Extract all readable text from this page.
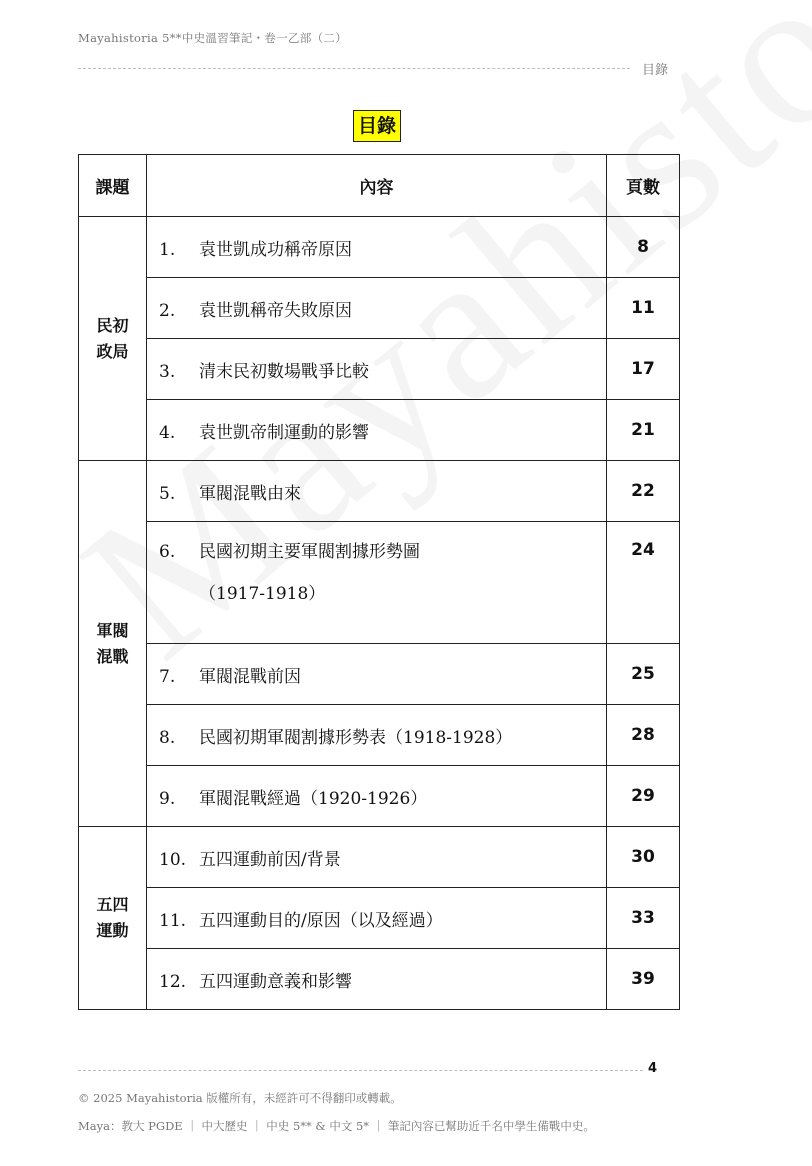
Mayahistoria 5**中史溫習筆記・卷一乙部（二）
目錄
目錄
課題	內容	頁數

民初
政局	1. 袁世凱成功稱帝原因	8
	2. 袁世凱稱帝失敗原因	11
	3. 清末民初數場戰爭比較	17
	4. 袁世凱帝制運動的影響	21

軍閥
混戰	5. 軍閥混戰由來	22

	6. 民國初期主要軍閥割據形勢圖
（1917-1918）	24
	7. 軍閥混戰前因	25
	8. 民國初期軍閥割據形勢表（1918-1928）	28
	9. 軍閥混戰經過（1920-1926）	29

五四
運動	10. 五四運動前因/背景	30
	11. 五四運動目的/原因（以及經過）	33
	12. 五四運動意義和影響	39
4
© 2025 Mayahistoria 版權所有，未經許可不得翻印或轉載。
Maya：教大 PGDE ｜ 中大歷史 ｜ 中史 5** & 中文 5* ｜ 筆記內容已幫助近千名中學生備戰中史。
